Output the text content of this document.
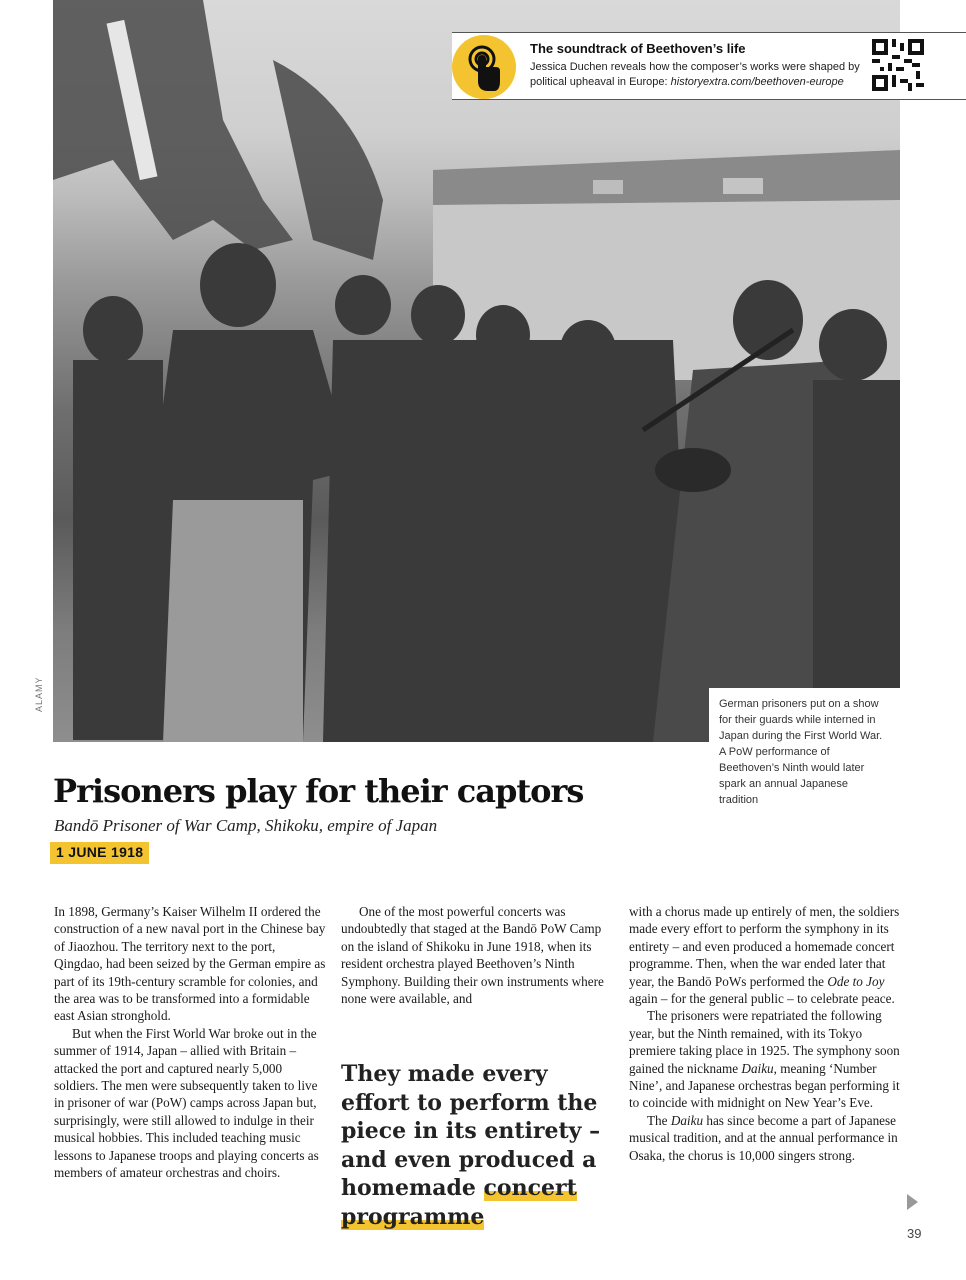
ALAMY
The soundtrack of Beethoven’s life
Jessica Duchen reveals how the composer’s works were shaped by political upheaval in Europe: historyextra.com/beethoven-europe
German prisoners put on a show for their guards while interned in Japan during the First World War. A PoW performance of Beethoven’s Ninth would later spark an annual Japanese tradition
Prisoners play for their captors
Bandō Prisoner of War Camp, Shikoku, empire of Japan
1 JUNE 1918

In 1898, Germany’s Kaiser Wilhelm II ordered the construction of a new naval port in the Chinese bay of Jiaozhou. The territory next to the port, Qingdao, had been seized by the German empire as part of its 19th-century scramble for colonies, and the area was to be transformed into a formidable east Asian stronghold.

But when the First World War broke out in the summer of 1914, Japan – allied with Britain – attacked the port and captured nearly 5,000 soldiers. The men were subsequently taken to live in prisoner of war (PoW) camps across Japan but, surprisingly, were still allowed to indulge in their musical hobbies. This included teaching music lessons to Japanese troops and playing concerts as members of amateur orchestras and choirs.

One of the most powerful concerts was undoubtedly that staged at the Bandō PoW Camp on the island of Shikoku in June 1918, when its resident orchestra played Beethoven’s Ninth Symphony. Building their own instruments where none were available, and

They made every effort to perform the piece in its entirety – and even produced a homemade concert programme

with a chorus made up entirely of men, the soldiers made every effort to perform the symphony in its entirety – and even produced a homemade concert programme. Then, when the war ended later that year, the Bandō PoWs performed the Ode to Joy again – for the general public – to celebrate peace.

The prisoners were repatriated the following year, but the Ninth remained, with its Tokyo premiere taking place in 1925. The symphony soon gained the nickname Daiku, meaning ‘Number Nine’, and Japanese orchestras began performing it to coincide with midnight on New Year’s Eve.

The Daiku has since become a part of Japanese musical tradition, and at the annual performance in Osaka, the chorus is 10,000 singers strong.

39
